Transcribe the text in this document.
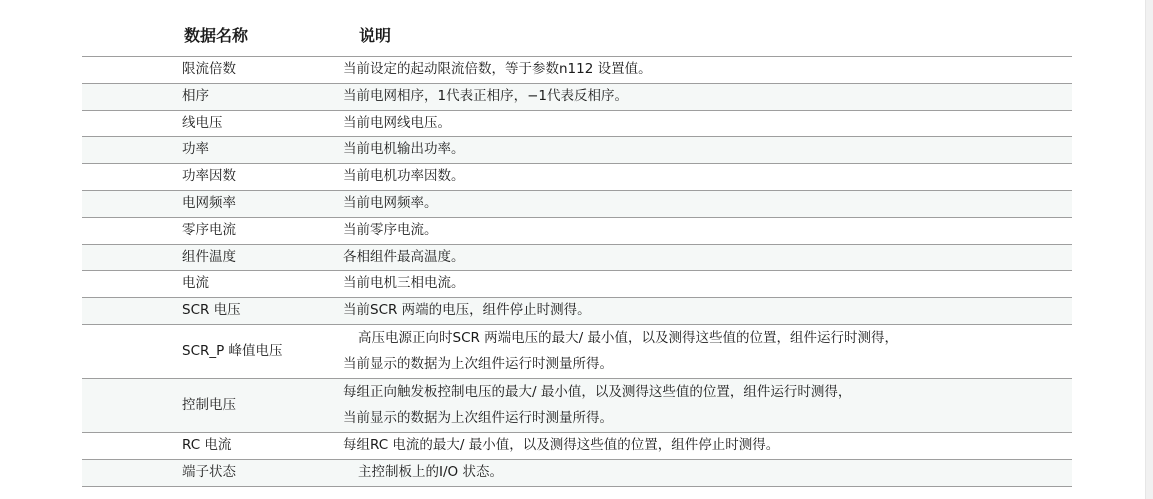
数据名称	说明
限流倍数	当前设定的起动限流倍数，等于参数n112 设置值。

相序	当前电网相序，1代表正相序，−1代表反相序。

线电压	当前电网线电压。

功率	当前电机输出功率。

功率因数	当前电机功率因数。

电网频率	当前电网频率。

零序电流	当前零序电流。

组件温度	各相组件最高温度。

电流	当前电机三相电流。

SCR 电压	当前SCR 两端的电压，组件停止时测得。

SCR_P 峰值电压	高压电源正向时SCR 两端电压的最大/ 最小值，以及测得这些值的位置，组件运行时测得，
当前显示的数据为上次组件运行时测量所得。

控制电压	每组正向触发板控制电压的最大/ 最小值，以及测得这些值的位置，组件运行时测得，
当前显示的数据为上次组件运行时测量所得。

RC 电流	每组RC 电流的最大/ 最小值，以及测得这些值的位置，组件停止时测得。

端子状态	主控制板上的I/O 状态。
